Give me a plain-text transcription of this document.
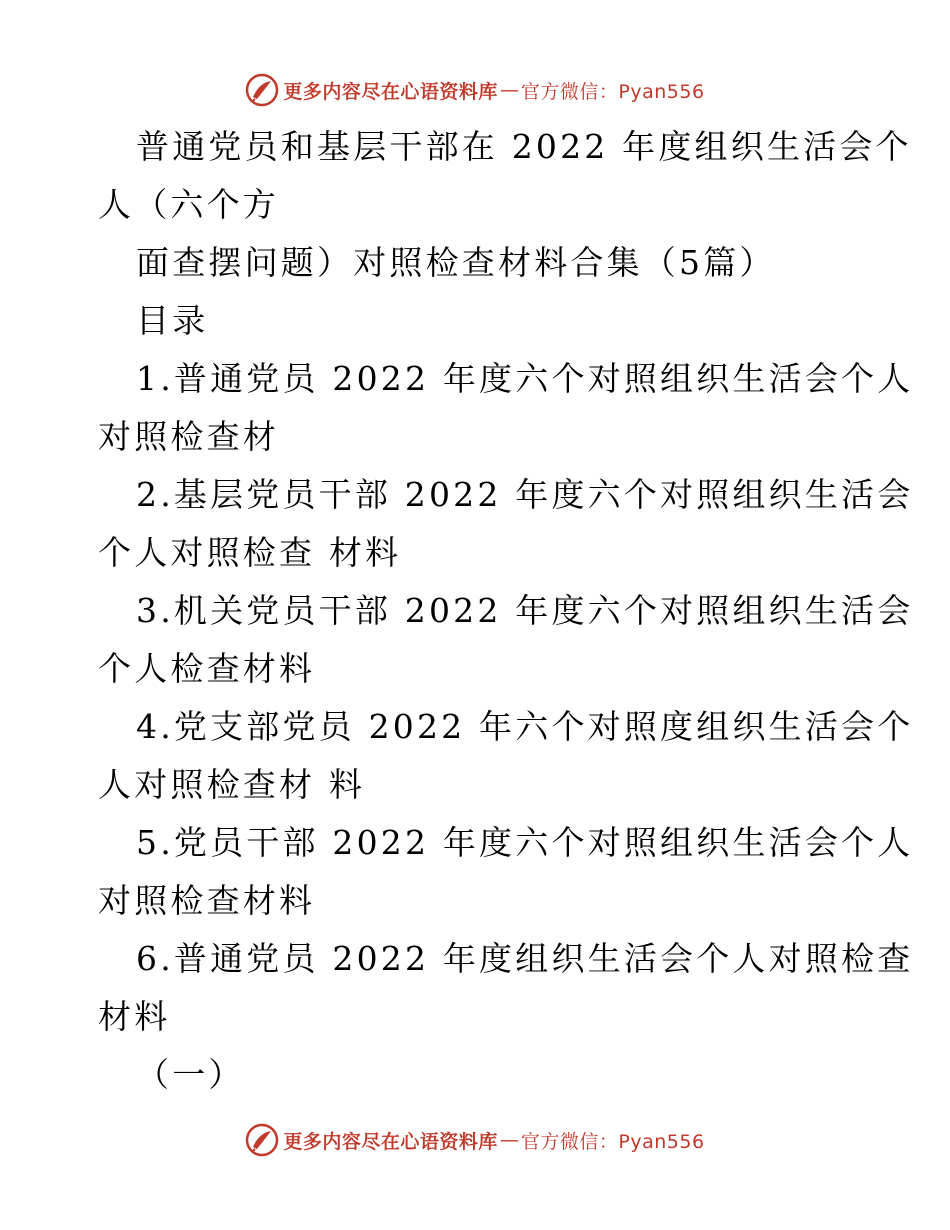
更多内容尽在心语资料库 — 官方微信：Pyan556
普通党员和基层干部在 2022 年度组织生活会个
人（六个方
面查摆问题）对照检查材料合集（5篇）
目录
1.普通党员 2022 年度六个对照组织生活会个人
对照检查材
2.基层党员干部 2022 年度六个对照组织生活会
个人对照检查 材料
3.机关党员干部 2022 年度六个对照组织生活会
个人检查材料
4.党支部党员 2022 年六个对照度组织生活会个
人对照检查材 料
5.党员干部 2022 年度六个对照组织生活会个人
对照检查材料
6.普通党员 2022 年度组织生活会个人对照检查
材料
（一）
更多内容尽在心语资料库 — 官方微信：Pyan556
